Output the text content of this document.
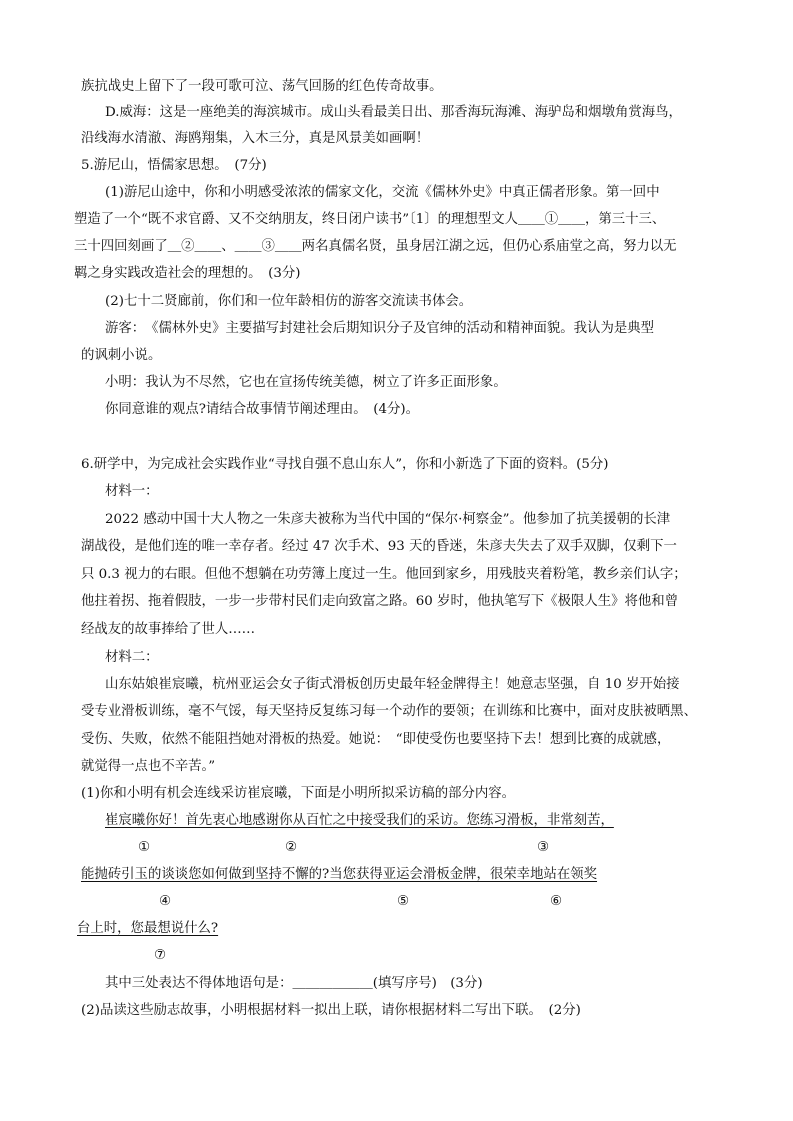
族抗战史上留下了一段可歌可泣、荡气回肠的红色传奇故事。
D.威海：这是一座绝美的海滨城市。成山头看最美日出、那香海玩海滩、海驴岛和烟墩角赏海鸟，
沿线海水清澈、海鸥翔集，入木三分，真是风景美如画啊！
5.游尼山，悟儒家思想。　(7分)
(1)游尼山途中，你和小明感受浓浓的儒家文化，交流《儒林外史》中真正儒者形象。第一回中
塑造了一个“既不求官爵、又不交纳朋友，终日闭户读书”〔1〕的理想型文人＿＿①＿＿，第三十三、
三十四回刻画了＿②＿＿、＿＿③＿＿两名真儒名贤，虽身居江湖之远，但仍心系庙堂之高，努力以无
羁之身实践改造社会的理想的。　(3分)
(2)七十二贤廊前，你们和一位年龄相仿的游客交流读书体会。
游客：　《儒林外史》主要描写封建社会后期知识分子及官绅的活动和精神面貌。我认为是典型
的讽刺小说。
小明：我认为不尽然，它也在宣扬传统美德，树立了许多正面形象。
你同意谁的观点?请结合故事情节阐述理由。　(4分)。
6.研学中，为完成社会实践作业“寻找自强不息山东人”，你和小新选了下面的资料。(5分)
材料一：
2022 感动中国十大人物之一朱彦夫被称为当代中国的“保尔·柯察金”。他参加了抗美援朝的长津
湖战役，是他们连的唯一幸存者。经过 47 次手术、93 天的昏迷，朱彦夫失去了双手双脚，仅剩下一
只 0.3 视力的右眼。但他不想躺在功劳簿上度过一生。他回到家乡，用残肢夹着粉笔，教乡亲们认字；
他拄着拐、拖着假肢，一步一步带村民们走向致富之路。60 岁时，他执笔写下《极限人生》将他和曾
经战友的故事捧给了世人……
材料二：
山东姑娘崔宸曦，杭州亚运会女子街式滑板创历史最年轻金牌得主！她意志坚强，自 10 岁开始接
受专业滑板训练，毫不气馁，每天坚持反复练习每一个动作的要领；在训练和比赛中，面对皮肤被晒黑、
受伤、失败，依然不能阻挡她对滑板的热爱。她说：　“即使受伤也要坚持下去！想到比赛的成就感，
就觉得一点也不辛苦。”
(1)你和小明有机会连线采访崔宸曦，下面是小明所拟采访稿的部分内容。
崔宸曦你好！首先衷心地感谢你从百忙之中接受我们的采访。您练习滑板，非常刻苦，
①	②	③
能抛砖引玉的谈谈您如何做到坚持不懈的?当您获得亚运会滑板金牌，很荣幸地站在领奖
④	⑤	⑥
台上时，您最想说什么?
⑦
其中三处表达不得体地语句是：＿＿＿＿＿＿(填写序号)　(3分)
(2)品读这些励志故事，小明根据材料一拟出上联，请你根据材料二写出下联。　(2分)
